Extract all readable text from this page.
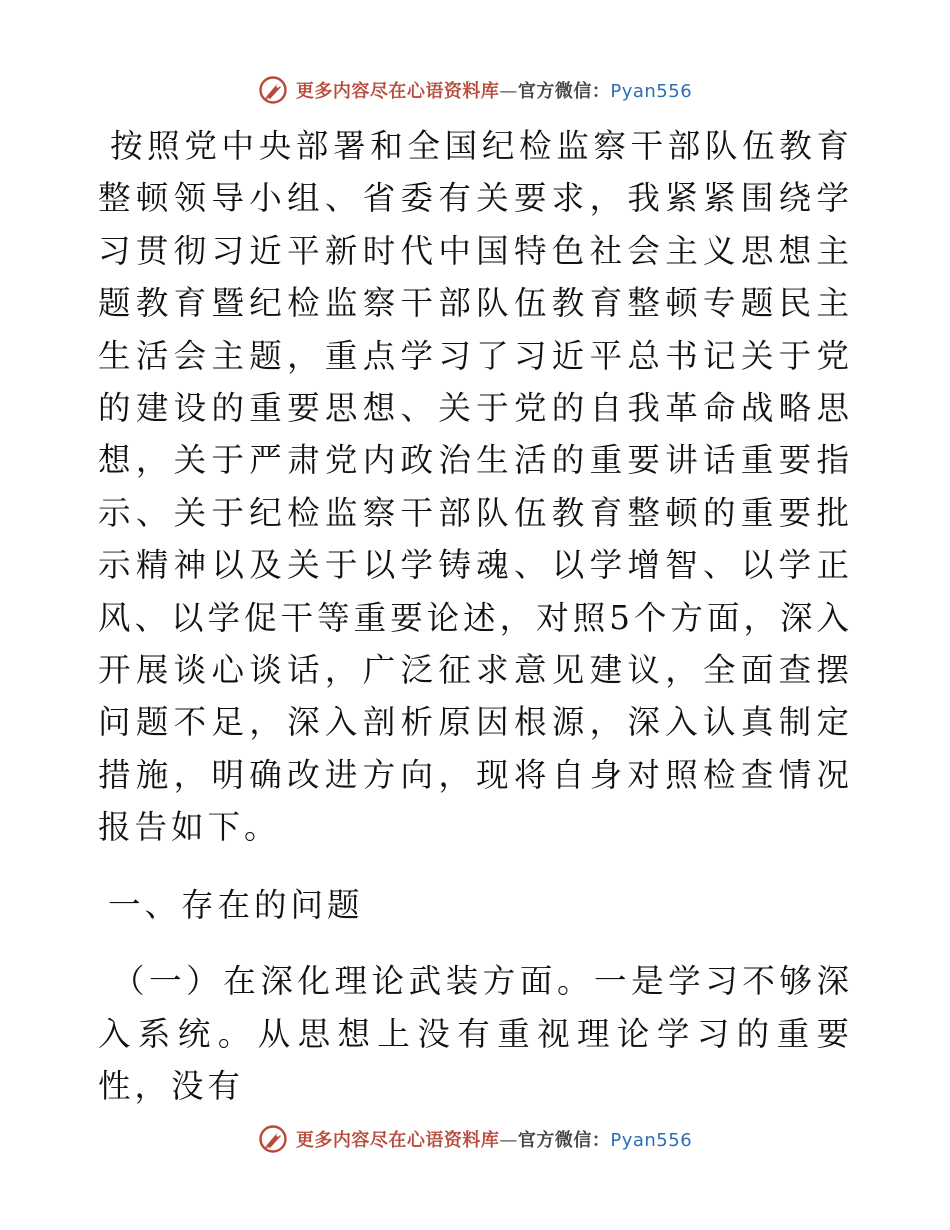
更多内容尽在心语资料库—官方微信：Pyan556

按照党中央部署和全国纪检监察干部队伍教育整顿领导小组、省委有关要求，我紧紧围绕学习贯彻习近平新时代中国特色社会主义思想主题教育暨纪检监察干部队伍教育整顿专题民主生活会主题，重点学习了习近平总书记关于党的建设的重要思想、关于党的自我革命战略思想，关于严肃党内政治生活的重要讲话重要指示、关于纪检监察干部队伍教育整顿的重要批示精神以及关于以学铸魂、以学增智、以学正风、以学促干等重要论述，对照5个方面，深入开展谈心谈话，广泛征求意见建议，全面查摆问题不足，深入剖析原因根源，深入认真制定措施，明确改进方向，现将自身对照检查情况报告如下。

一、存在的问题

（一）在深化理论武装方面。一是学习不够深入系统。从思想上没有重视理论学习的重要性，没有

更多内容尽在心语资料库—官方微信：Pyan556
